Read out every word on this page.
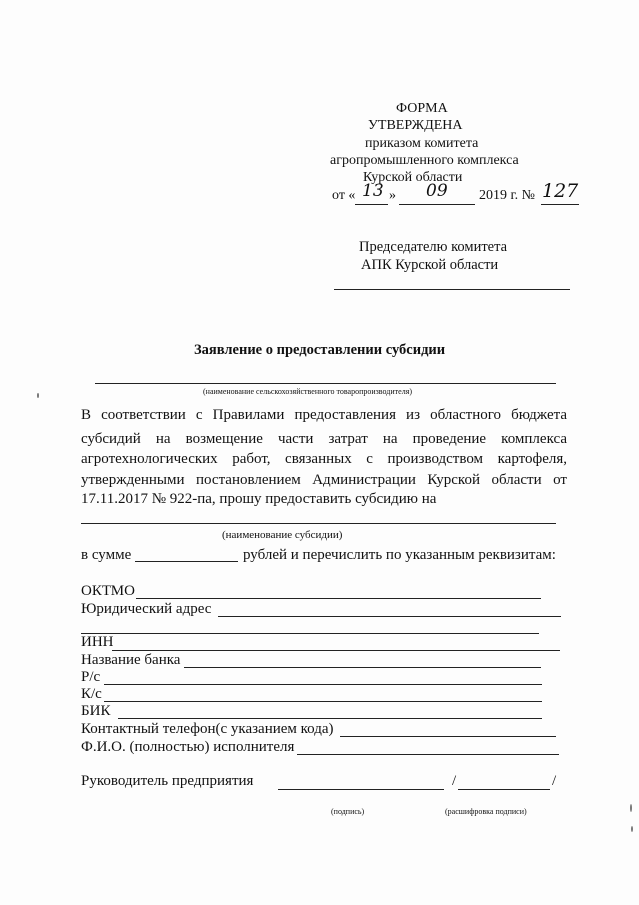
ФОРМА
УТВЕРЖДЕНА
приказом комитета
агропромышленного комплекса
Курской области
от « 13 » 09 2019 г. № 127
Председателю комитета
АПК Курской области
Заявление о предоставлении субсидии
(наименование сельскохозяйственного товаропроизводителя)
В соответствии с Правилами предоставления из областного бюджета
субсидий на возмещение части затрат на проведение комплекса
агротехнологических работ, связанных с производством картофеля,
утвержденными постановлением Администрации Курской области от
17.11.2017 № 922-па, прошу предоставить субсидию на
(наименование субсидии)
в сумме	рублей и перечислить по указанным реквизитам:
ОКТМО
Юридический адрес
ИНН
Название банка
Р/с
К/с
БИК
Контактный телефон(с указанием кода)
Ф.И.О. (полностью) исполнителя
Руководитель предприятия	/	/
(подпись)	(расшифровка подписи)
